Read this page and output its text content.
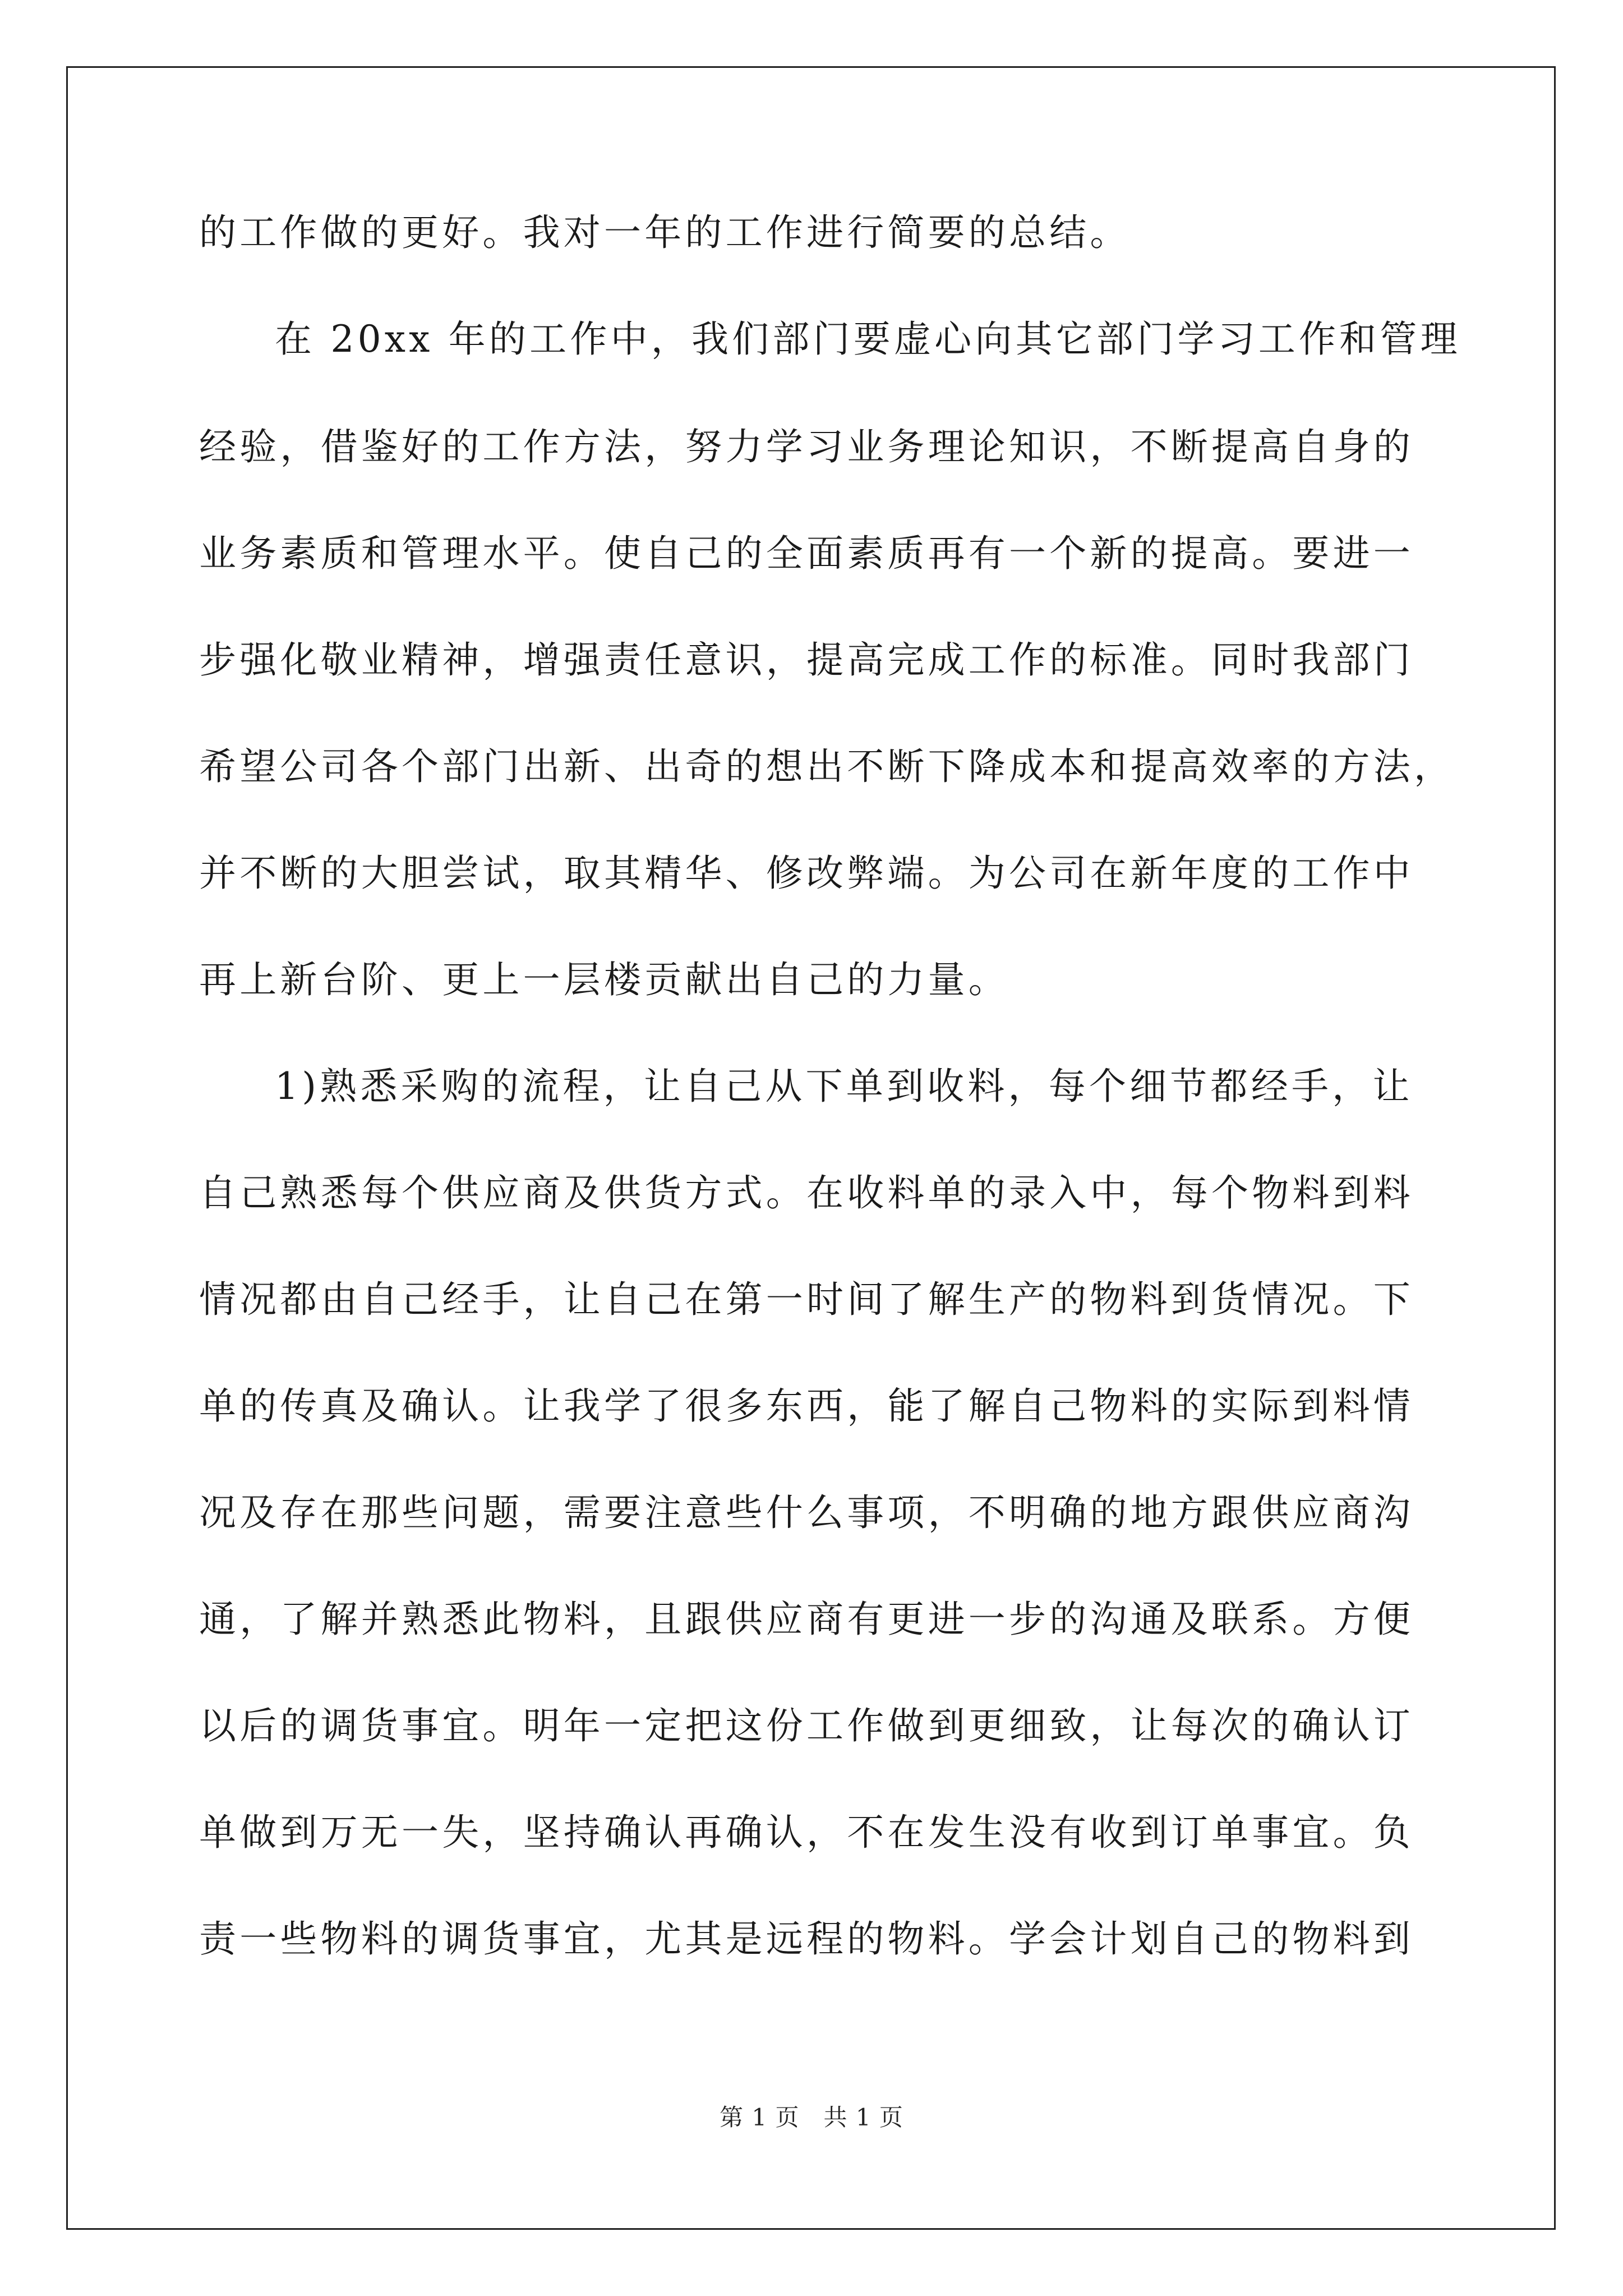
的工作做的更好。我对一年的工作进行简要的总结。
在 20xx 年的工作中，我们部门要虚心向其它部门学习工作和管理
经验，借鉴好的工作方法，努力学习业务理论知识，不断提高自身的
业务素质和管理水平。使自己的全面素质再有一个新的提高。要进一
步强化敬业精神，增强责任意识，提高完成工作的标准。同时我部门
希望公司各个部门出新、出奇的想出不断下降成本和提高效率的方法，
并不断的大胆尝试，取其精华、修改弊端。为公司在新年度的工作中
再上新台阶、更上一层楼贡献出自己的力量。
1)熟悉采购的流程，让自己从下单到收料，每个细节都经手，让
自己熟悉每个供应商及供货方式。在收料单的录入中，每个物料到料
情况都由自己经手，让自己在第一时间了解生产的物料到货情况。下
单的传真及确认。让我学了很多东西，能了解自己物料的实际到料情
况及存在那些问题，需要注意些什么事项，不明确的地方跟供应商沟
通，了解并熟悉此物料，且跟供应商有更进一步的沟通及联系。方便
以后的调货事宜。明年一定把这份工作做到更细致，让每次的确认订
单做到万无一失，坚持确认再确认，不在发生没有收到订单事宜。负
责一些物料的调货事宜，尤其是远程的物料。学会计划自己的物料到
第 1 页　共 1 页
